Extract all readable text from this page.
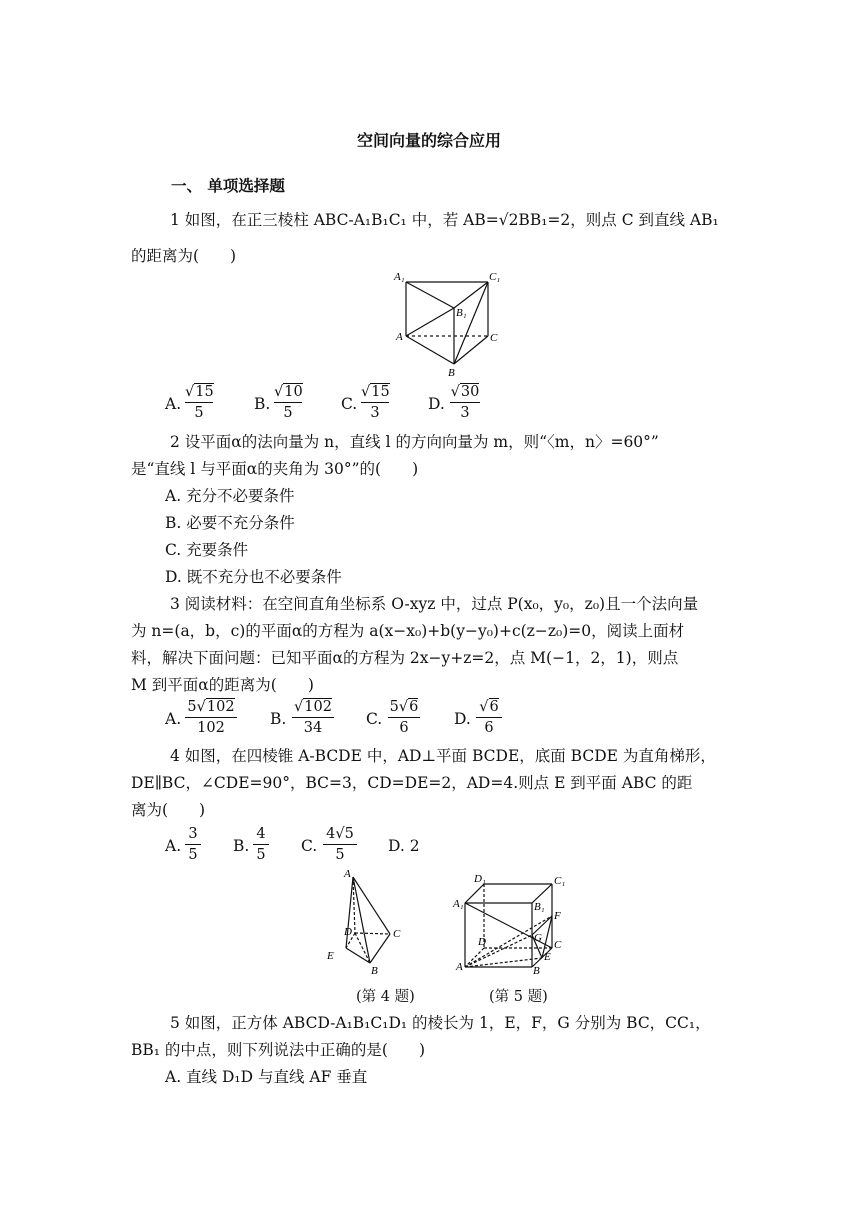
空间向量的综合应用
一、 单项选择题
1 如图，在正三棱柱 ABC-A₁B₁C₁ 中，若 AB=√2BB₁=2，则点 C 到直线 AB₁
的距离为(　　)
A₁	C₁
B₁
A	C
B
A.
√15
5	B.
√10
5	C.
√15
3	D.
√30
3
2 设平面α的法向量为 n，直线 l 的方向向量为 m，则“〈m，n〉=60°”
是“直线 l 与平面α的夹角为 30°”的(　　)
A. 充分不必要条件
B. 必要不充分条件
C. 充要条件
D. 既不充分也不必要条件
3 阅读材料：在空间直角坐标系 O-xyz 中，过点 P(x₀，y₀，z₀)且一个法向量
为 n=(a，b，c)的平面α的方程为 a(x−x₀)+b(y−y₀)+c(z−z₀)=0，阅读上面材
料，解决下面问题：已知平面α的方程为 2x−y+z=2，点 M(−1，2，1)，则点
M 到平面α的距离为(　　)
A.
5√102
102	B.
√102
34	C.
5√6
6	D.
√6
6
4 如图，在四棱锥 A-BCDE 中，AD⊥平面 BCDE，底面 BCDE 为直角梯形，
DE∥BC，∠CDE=90°，BC=3，CD=DE=2，AD=4.则点 E 到平面 ABC 的距
离为(　　)
A.
3
5 B.
4
5 C.
4√5
5	D. 2
A
D	C
E
B
D₁	C₁
A₁	B₁
F
D	G
C
E
A	B
(第 4 题)	(第 5 题)
5 如图，正方体 ABCD-A₁B₁C₁D₁ 的棱长为 1，E，F，G 分别为 BC，CC₁，
BB₁ 的中点，则下列说法中正确的是(　　)
A. 直线 D₁D 与直线 AF 垂直
